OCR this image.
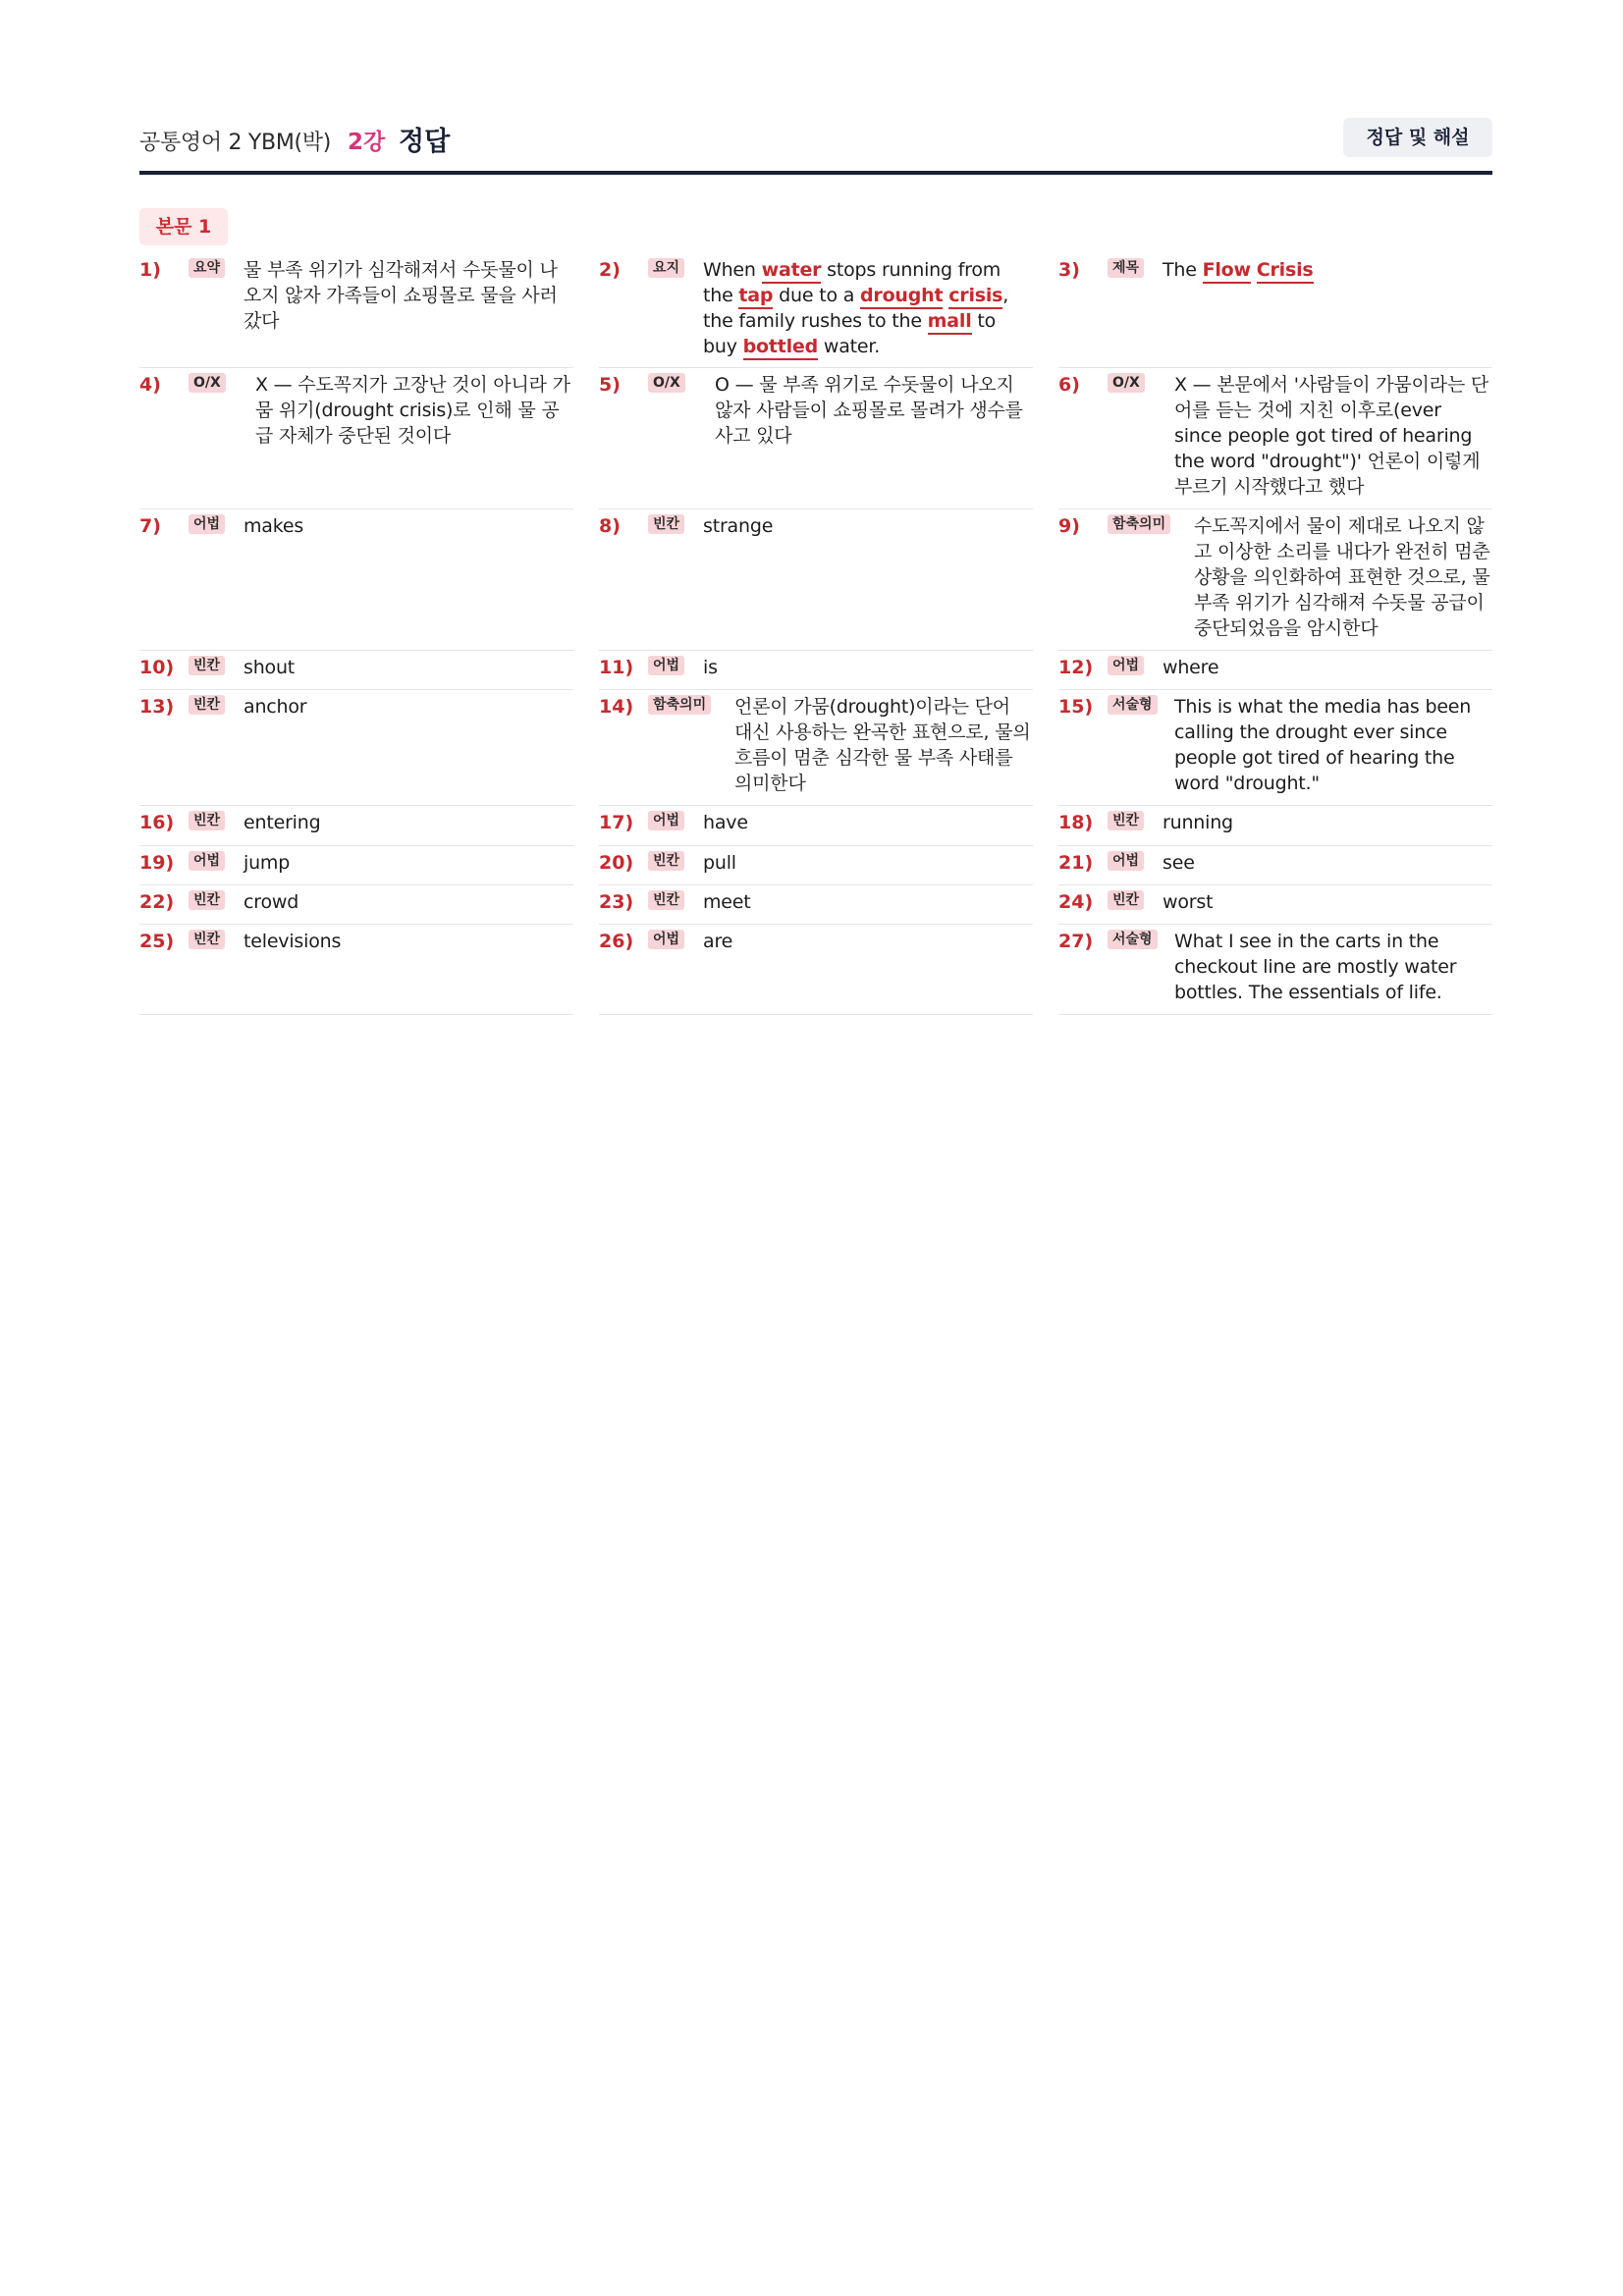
공통영어 2 YBM(박) 2강 정답	정답 및 해설
본문 1
1)	요약 물 부족 위기가 심각해져서 수돗물이 나오지 않자 가족들이 쇼핑몰로 물을 사러 갔다
2)	요지 When water stops running from the tap due to a drought crisis, the family rushes to the mall to buy bottled water.
3)	제목 The Flow Crisis
4)	O/X X — 수도꼭지가 고장난 것이 아니라 가뭄 위기(drought crisis)로 인해 물 공급 자체가 중단된 것이다
5)	O/X O — 물 부족 위기로 수돗물이 나오지 않자 사람들이 쇼핑몰로 몰려가 생수를 사고 있다
6)	O/X X — 본문에서 '사람들이 가뭄이라는 단어를 듣는 것에 지친 이후로(ever since people got tired of hearing the word "drought")' 언론이 이렇게 부르기 시작했다고 했다
7)	어법 makes	8)	빈칸 strange	9)	함축의미 수도꼭지에서 물이 제대로 나오지 않고 이상한 소리를 내다가 완전히 멈춘 상황을 의인화하여 표현한 것으로, 물 부족 위기가 심각해져 수돗물 공급이 중단되었음을 암시한다
10)	빈칸 shout	11)	어법 is	12)	어법 where
13)	빈칸 anchor	14)	함축의미 언론이 가뭄(drought)이라는 단어 대신 사용하는 완곡한 표현으로, 물의 흐름이 멈춘 심각한 물 부족 사태를 의미한다
15)	서술형 This is what the media has been calling the drought ever since people got tired of hearing the word "drought."
16)	빈칸 entering	17)	어법 have	18)	빈칸 running
19)	어법 jump	20)	빈칸 pull	21)	어법 see
22)	빈칸 crowd	23)	빈칸 meet	24)	빈칸 worst
25)	빈칸 televisions	26)	어법 are	27)	서술형 What I see in the carts in the checkout line are mostly water bottles. The essentials of life.
